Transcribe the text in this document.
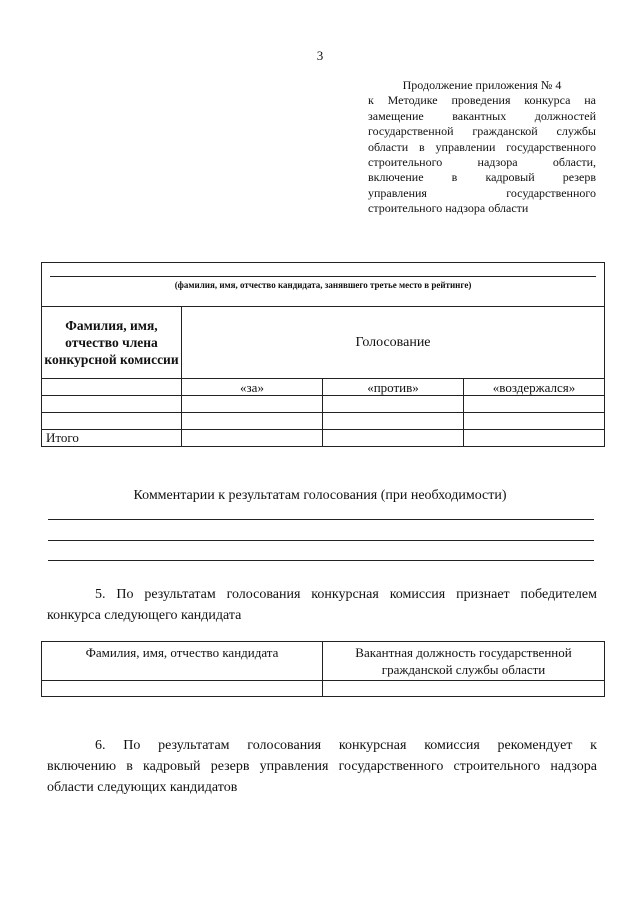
3
Продолжение приложения № 4
к Методике проведения конкурса на
замещение вакантных должностей
государственной гражданской службы
области в управлении государственного
строительного надзора области,
включение в кадровый резерв
управления государственного
строительного надзора области
(фамилия, имя, отчество кандидата, занявшего третье место в рейтинге)			

Фамилия, имя, отчество члена конкурсной комиссии	Голосование		
	«за»	«против»	«воздержался»

Итого			
Комментарии к результатам голосования (при необходимости)
5. По результатам голосования конкурсная комиссия признает победителем
конкурса следующего кандидата
Фамилия, имя, отчество кандидата	Вакантная должность государственной гражданской службы области

6. По результатам голосования конкурсная комиссия рекомендует к
включению в кадровый резерв управления государственного строительного надзора
области следующих кандидатов
